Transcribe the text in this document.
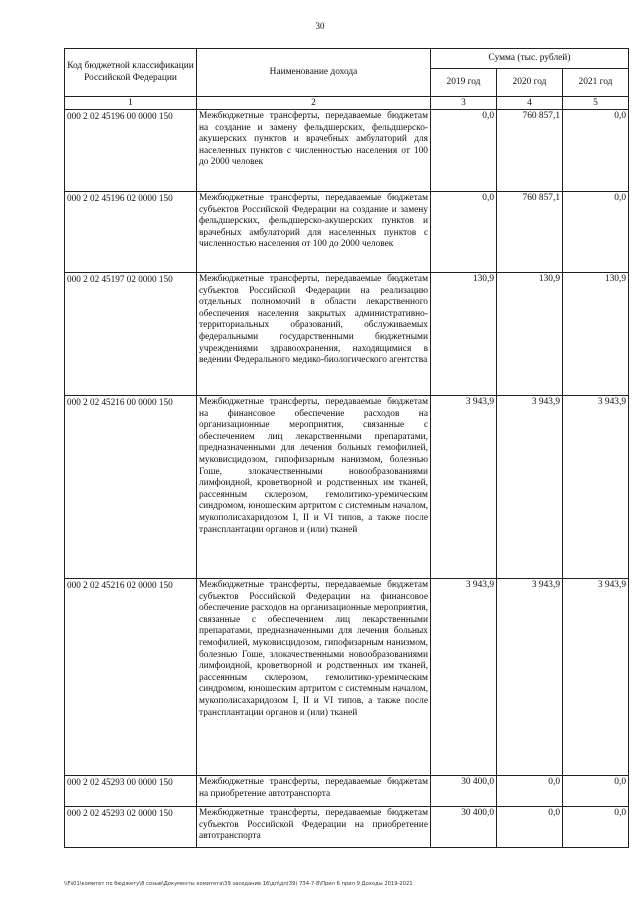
30
Код бюджетной классификации Российской Федерации	Наименование дохода	Сумма (тыс. рублей)		
		2019 год	2020 год	2021 год
1	2	3	4	5
000 2 02 45196 00 0000 150	Межбюджетные трансферты, передаваемые бюджетам на создание и замену фельдшерских, фельдшерско-акушерских пунктов и врачебных амбулаторий для населенных пунктов с численностью населения от 100 до 2000 человек	0,0	760 857,1	0,0
000 2 02 45196 02 0000 150	Межбюджетные трансферты, передаваемые бюджетам субъектов Российской Федерации на создание и замену фельдшерских, фельдшерско-акушерских пунктов и врачебных амбулаторий для населенных пунктов с численностью населения от 100 до 2000 человек	0,0	760 857,1	0,0
000 2 02 45197 02 0000 150	Межбюджетные трансферты, передаваемые бюджетам субъектов Российской Федерации на реализацию отдельных полномочий в области лекарственного обеспечения населения закрытых административно-территориальных образований, обслуживаемых федеральными государственными бюджетными учреждениями здравоохранения, находящимися в ведении Федерального медико-биологического агентства	130,9	130,9	130,9
000 2 02 45216 00 0000 150	Межбюджетные трансферты, передаваемые бюджетам на финансовое обеспечение расходов на организационные мероприятия, связанные с обеспечением лиц лекарственными препаратами, предназначенными для лечения больных гемофилией, муковисцидозом, гипофизарным нанизмом, болезнью Гоше, злокачественными новообразованиями лимфоидной, кроветворной и родственных им тканей, рассеянным склерозом, гемолитико-уремическим синдромом, юношеским артритом с системным началом, мукополисахаридозом I, II и VI типов, а также после трансплантации органов и (или) тканей	3 943,9	3 943,9	3 943,9
000 2 02 45216 02 0000 150	Межбюджетные трансферты, передаваемые бюджетам субъектов Российской Федерации на финансовое обеспечение расходов на организационные мероприятия, связанные с обеспечением лиц лекарственными препаратами, предназначенными для лечения больных гемофилией, муковисцидозом, гипофизарным нанизмом, болезнью Гоше, злокачественными новообразованиями лимфоидной, кроветворной и родственных им тканей, рассеянным склерозом, гемолитико-уремическим синдромом, юношеским артритом с системным началом, мукополисахаридозом I, II и VI типов, а также после трансплантации органов и (или) тканей	3 943,9	3 943,9	3 943,9
000 2 02 45293 00 0000 150	Межбюджетные трансферты, передаваемые бюджетам на приобретение автотранспорта	30 400,0	0,0	0,0
000 2 02 45293 02 0000 150	Межбюджетные трансферты, передаваемые бюджетам субъектов Российской Федерации на приобретение автотранспорта	30 400,0	0,0	0,0
\\Fs01\комитет по бюджету\8 созыв\Документы комитета\39 заседание 16\дп\дп(39) 734-7-8\Прил 6 прил 9 Доходы 2019-2021
